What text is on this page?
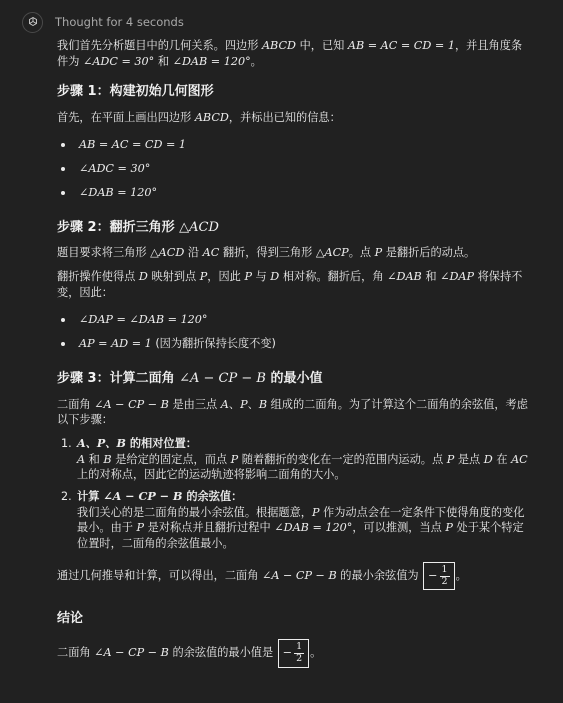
Thought for 4 seconds

我们首先分析题目中的几何关系。四边形 ABCD 中，已知 AB = AC = CD = 1，并且角度条件为 ∠ADC = 30° 和 ∠DAB = 120°。

步骤 1：构建初始几何图形

首先，在平面上画出四边形 ABCD，并标出已知的信息：

AB = AC = CD = 1
∠ADC = 30°
∠DAB = 120°
步骤 2：翻折三角形 △ACD

题目要求将三角形 △ACD 沿 AC 翻折，得到三角形 △ACP。点 P 是翻折后的动点。

翻折操作使得点 D 映射到点 P，因此 P 与 D 相对称。翻折后，角 ∠DAB 和 ∠DAP 将保持不变，因此：

∠DAP = ∠DAB = 120°
AP = AD = 1 (因为翻折保持长度不变)
步骤 3：计算二面角 ∠A − CP − B 的最小值

二面角 ∠A − CP − B 是由三点 A、P、B 组成的二面角。为了计算这个二面角的余弦值，考虑以下步骤：

1. A、P、B 的相对位置：
A 和 B 是给定的固定点，而点 P 随着翻折的变化在一定的范围内运动。点 P 是点 D 在 AC 上的对称点，因此它的运动轨迹将影响二面角的大小。
2. 计算 ∠A − CP − B 的余弦值：
我们关心的是二面角的最小余弦值。根据题意，P 作为动点会在一定条件下使得角度的变化最小。由于 P 是对称点并且翻折过程中 ∠DAB = 120°，可以推测，当点 P 处于某个特定位置时，二面角的余弦值最小。

通过几何推导和计算，可以得出，二面角
∠A − CP − B
的最小余弦值为
− $\frac{1}{2}$ 。

结论

二面角
∠A − CP − B
的余弦值的最小值是
− $\frac{1}{2}$ 。
